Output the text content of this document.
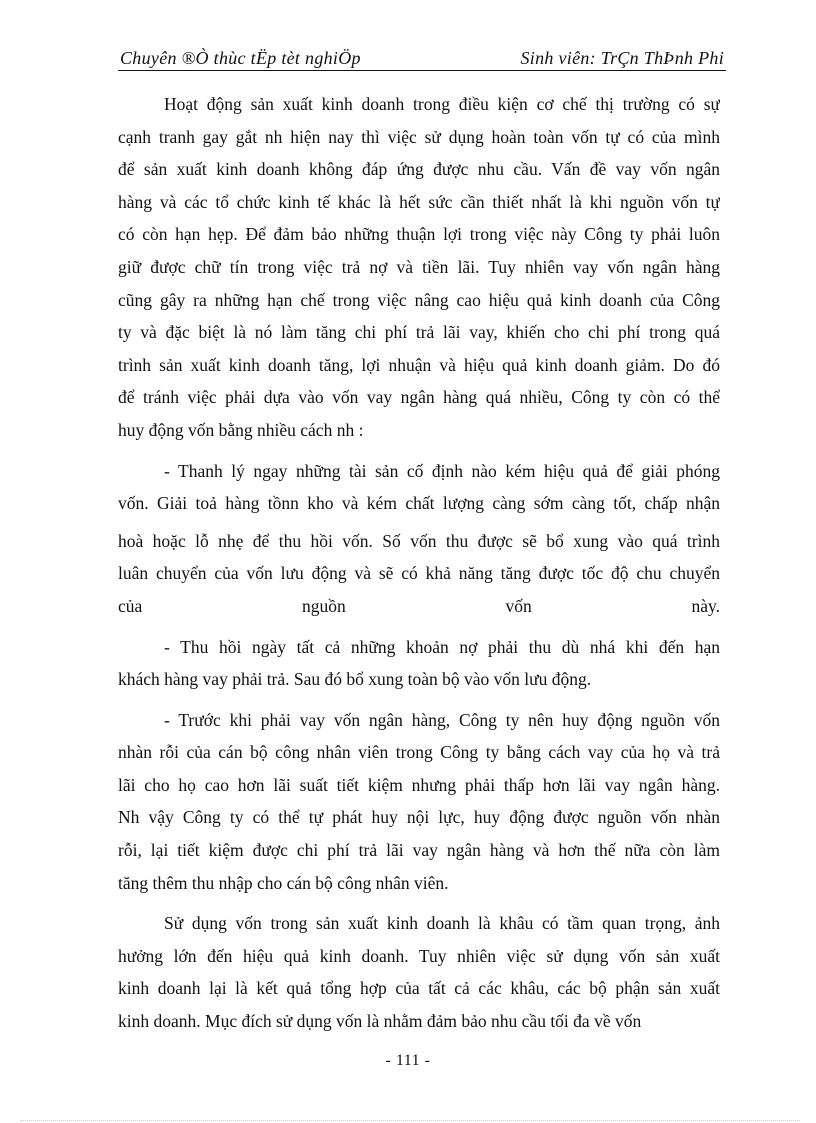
Chuyên ®Ò thùc tËp tèt nghiÖp	Sinh viên: TrÇn ThÞnh Phi
Hoạt động sản xuất kinh doanh trong điều kiện cơ chế thị trường có sự
cạnh tranh gay gắt nh hiện nay thì việc sử dụng hoàn toàn vốn tự có của mình
để sản xuất kinh doanh không đáp ứng được nhu cầu. Vấn đề vay vốn ngân
hàng và các tổ chức kinh tế khác là hết sức cần thiết nhất là khi nguồn vốn tự
có còn hạn hẹp. Để đảm bảo những thuận lợi trong việc này Công ty phải luôn
giữ được chữ tín trong việc trả nợ và tiền lãi. Tuy nhiên vay vốn ngân hàng
cũng gây ra những hạn chế trong việc nâng cao hiệu quả kinh doanh của Công
ty và đặc biệt là nó làm tăng chi phí trả lãi vay, khiến cho chi phí trong quá
trình sản xuất kinh doanh tăng, lợi nhuận và hiệu quả kinh doanh giảm. Do đó
để tránh việc phải dựa vào vốn vay ngân hàng quá nhiều, Công ty còn có thể
huy động vốn bằng nhiều cách nh :
- Thanh lý ngay những tài sản cố định nào kém hiệu quả để giải phóng
vốn. Giải toả hàng tồnn kho và kém chất lượng càng sớm càng tốt, chấp nhận
hoà hoặc lỗ nhẹ để thu hồi vốn. Số vốn thu được sẽ bổ xung vào quá trình
luân chuyển của vốn lưu động và sẽ có khả năng tăng được tốc độ chu chuyển
của nguồn vốn này.
- Thu hồi ngày tất cả những khoản nợ phải thu dù nhá khi đến hạn
khách hàng vay phải trả. Sau đó bổ xung toàn bộ vào vốn lưu động.
- Trước khi phải vay vốn ngân hàng, Công ty nên huy động nguồn vốn
nhàn rỗi của cán bộ công nhân viên trong Công ty bằng cách vay của họ và trả
lãi cho họ cao hơn lãi suất tiết kiệm nhưng phải thấp hơn lãi vay ngân hàng.
Nh vậy Công ty có thể tự phát huy nội lực, huy động được nguồn vốn nhàn
rỗi, lại tiết kiệm được chi phí trả lãi vay ngân hàng và hơn thế nữa còn làm
tăng thêm thu nhập cho cán bộ công nhân viên.
Sử dụng vốn trong sản xuất kinh doanh là khâu có tầm quan trọng, ảnh
hưởng lớn đến hiệu quả kinh doanh. Tuy nhiên việc sử dụng vốn sản xuất
kinh doanh lại là kết quả tổng hợp của tất cả các khâu, các bộ phận sản xuất
kinh doanh. Mục đích sử dụng vốn là nhằm đảm bảo nhu cầu tối đa về vốn
- 111 -
